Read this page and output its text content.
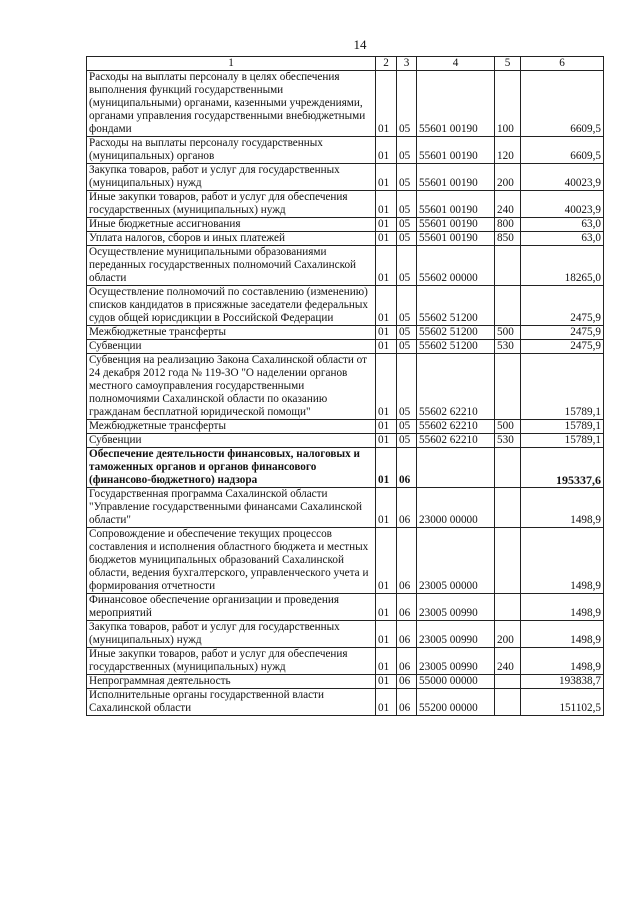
14
1	2	3	4	5	6
Расходы на выплаты персоналу в целях обеспечения выполнения функций государственными (муниципальными) органами, казенными учреждениями, органами управления государственными внебюджетными фондами	01	05	55601 00190	100	6609,5
Расходы на выплаты персоналу государственных (муниципальных) органов	01	05	55601 00190	120	6609,5
Закупка товаров, работ и услуг для государственных (муниципальных) нужд	01	05	55601 00190	200	40023,9
Иные закупки товаров, работ и услуг для обеспечения государственных (муниципальных) нужд	01	05	55601 00190	240	40023,9
Иные бюджетные ассигнования	01	05	55601 00190	800	63,0
Уплата налогов, сборов и иных платежей	01	05	55601 00190	850	63,0
Осуществление муниципальными образованиями переданных государственных полномочий Сахалинской области	01	05	55602 00000		18265,0
Осуществление полномочий по составлению (изменению) списков кандидатов в присяжные заседатели федеральных судов общей юрисдикции в Российской Федерации	01	05	55602 51200		2475,9
Межбюджетные трансферты	01	05	55602 51200	500	2475,9
Субвенции	01	05	55602 51200	530	2475,9
Субвенция на реализацию Закона Сахалинской области от 24 декабря 2012 года № 119-ЗО "О наделении органов местного самоуправления государственными полномочиями Сахалинской области по оказанию гражданам бесплатной юридической помощи"	01	05	55602 62210		15789,1
Межбюджетные трансферты	01	05	55602 62210	500	15789,1
Субвенции	01	05	55602 62210	530	15789,1
Обеспечение деятельности финансовых, налоговых и таможенных органов и органов финансового (финансово-бюджетного) надзора	01	06			195337,6
Государственная программа Сахалинской области "Управление государственными финансами Сахалинской области"	01	06	23000 00000		1498,9
Сопровождение и обеспечение текущих процессов составления и исполнения областного бюджета и местных бюджетов муниципальных образований Сахалинской области, ведения бухгалтерского, управленческого учета и формирования отчетности	01	06	23005 00000		1498,9
Финансовое обеспечение организации и проведения мероприятий	01	06	23005 00990		1498,9
Закупка товаров, работ и услуг для государственных (муниципальных) нужд	01	06	23005 00990	200	1498,9
Иные закупки товаров, работ и услуг для обеспечения государственных (муниципальных) нужд	01	06	23005 00990	240	1498,9
Непрограммная деятельность	01	06	55000 00000		193838,7
Исполнительные органы государственной власти Сахалинской области	01	06	55200 00000		151102,5
